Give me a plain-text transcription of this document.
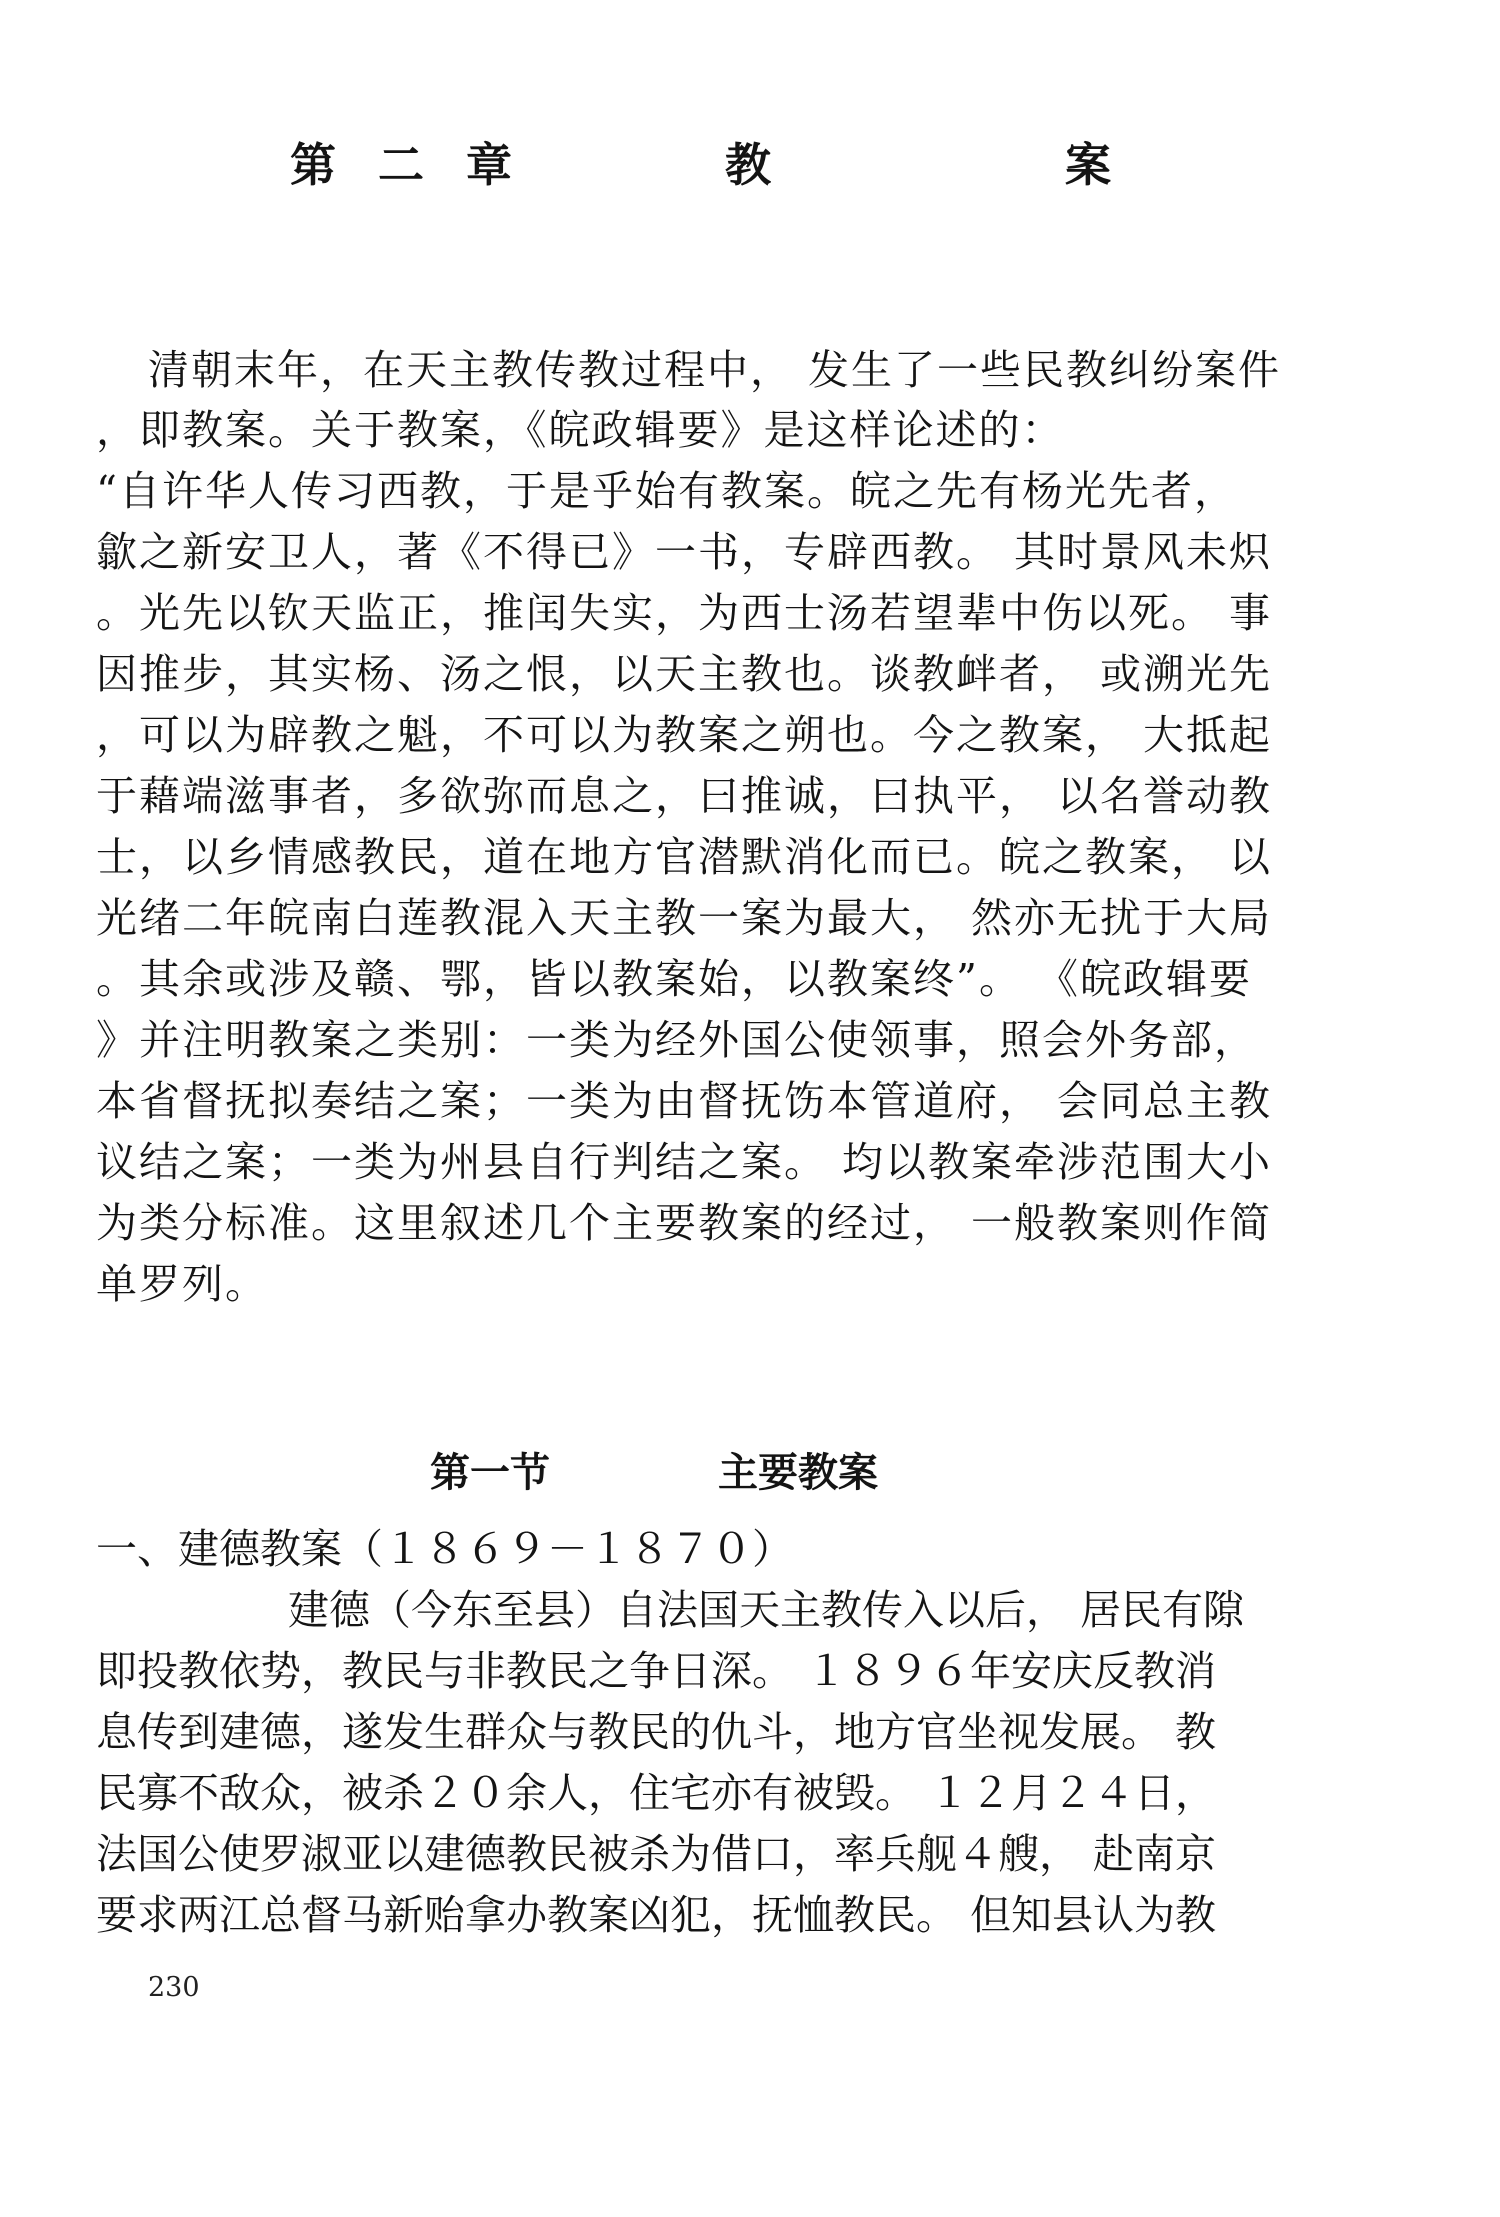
第二章	教	案
清朝末年，在天主教传教过程中， 发生了一些民教纠纷案件
，即教案。关于教案，《皖政辑要》是这样论述的：
“自许华人传习西教，于是乎始有教案。皖之先有杨光先者，
歙之新安卫人，著《不得已》一书，专辟西教。 其时景风未炽
。光先以钦天监正，推闰失实，为西士汤若望辈中伤以死。 事
因推步，其实杨、汤之恨，以天主教也。谈教衅者， 或溯光先
，可以为辟教之魁，不可以为教案之朔也。今之教案， 大抵起
于藉端滋事者，多欲弥而息之，曰推诚，曰执平， 以名誉动教
士，以乡情感教民，道在地方官潜默消化而已。皖之教案， 以
光绪二年皖南白莲教混入天主教一案为最大， 然亦无扰于大局
。其余或涉及赣、鄂，皆以教案始，以教案终”。 《皖政辑要
》并注明教案之类别：一类为经外国公使领事，照会外务部，
本省督抚拟奏结之案；一类为由督抚饬本管道府， 会同总主教
议结之案；一类为州县自行判结之案。 均以教案牵涉范围大小
为类分标准。这里叙述几个主要教案的经过， 一般教案则作简
单罗列。
第一节	主要教案
一、建德教案（１８６９－１８７０）
建德（今东至县）自法国天主教传入以后， 居民有隙
即投教依势，教民与非教民之争日深。 １８９６年安庆反教消
息传到建德，遂发生群众与教民的仇斗，地方官坐视发展。 教
民寡不敌众，被杀２０余人，住宅亦有被毁。 １２月２４日，
法国公使罗淑亚以建德教民被杀为借口，率兵舰４艘， 赴南京
要求两江总督马新贻拿办教案凶犯，抚恤教民。 但知县认为教
230
